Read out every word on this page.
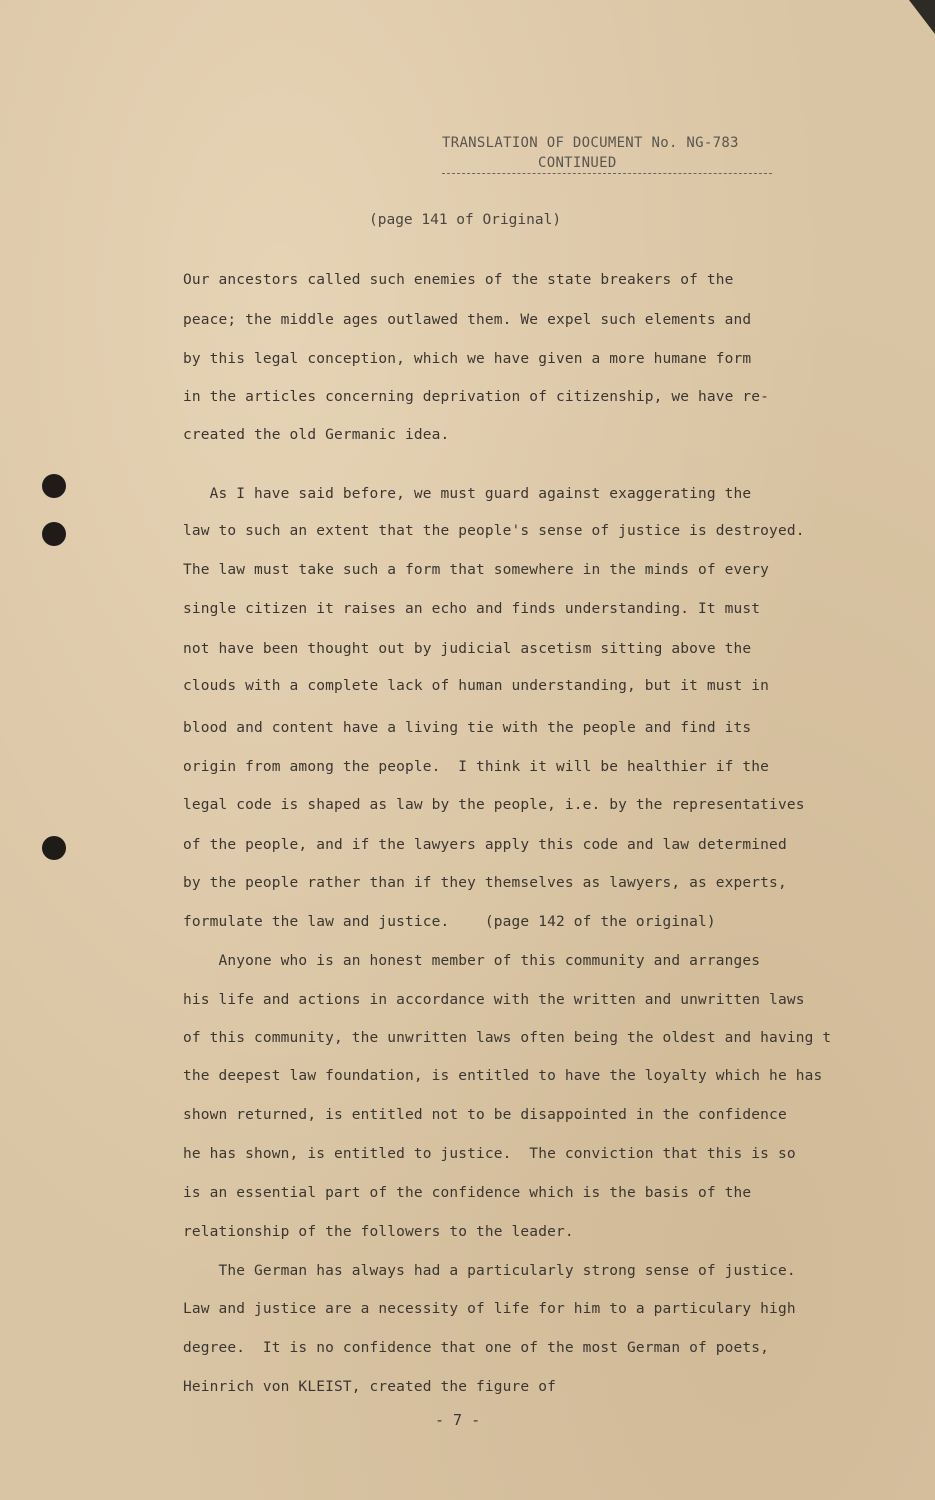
TRANSLATION OF DOCUMENT No. NG-783
CONTINUED
(page 141 of Original)
Our ancestors called such enemies of the state breakers of the
peace; the middle ages outlawed them. We expel such elements and
by this legal conception, which we have given a more humane form
in the articles concerning deprivation of citizenship, we have re-
created the old Germanic idea.
As I have said before, we must guard against exaggerating the
law to such an extent that the people's sense of justice is destroyed.
The law must take such a form that somewhere in the minds of every
single citizen it raises an echo and finds understanding. It must
not have been thought out by judicial ascetism sitting above the
clouds with a complete lack of human understanding, but it must in
blood and content have a living tie with the people and find its
origin from among the people.  I think it will be healthier if the
legal code is shaped as law by the people, i.e. by the representatives
of the people, and if the lawyers apply this code and law determined
by the people rather than if they themselves as lawyers, as experts,
formulate the law and justice.    (page 142 of the original)
Anyone who is an honest member of this community and arranges
his life and actions in accordance with the written and unwritten laws
of this community, the unwritten laws often being the oldest and having t
the deepest law foundation, is entitled to have the loyalty which he has
shown returned, is entitled not to be disappointed in the confidence
he has shown, is entitled to justice.  The conviction that this is so
is an essential part of the confidence which is the basis of the
relationship of the followers to the leader.
The German has always had a particularly strong sense of justice.
Law and justice are a necessity of life for him to a particulary high
degree.  It is no confidence that one of the most German of poets,
Heinrich von KLEIST, created the figure of
- 7 -
